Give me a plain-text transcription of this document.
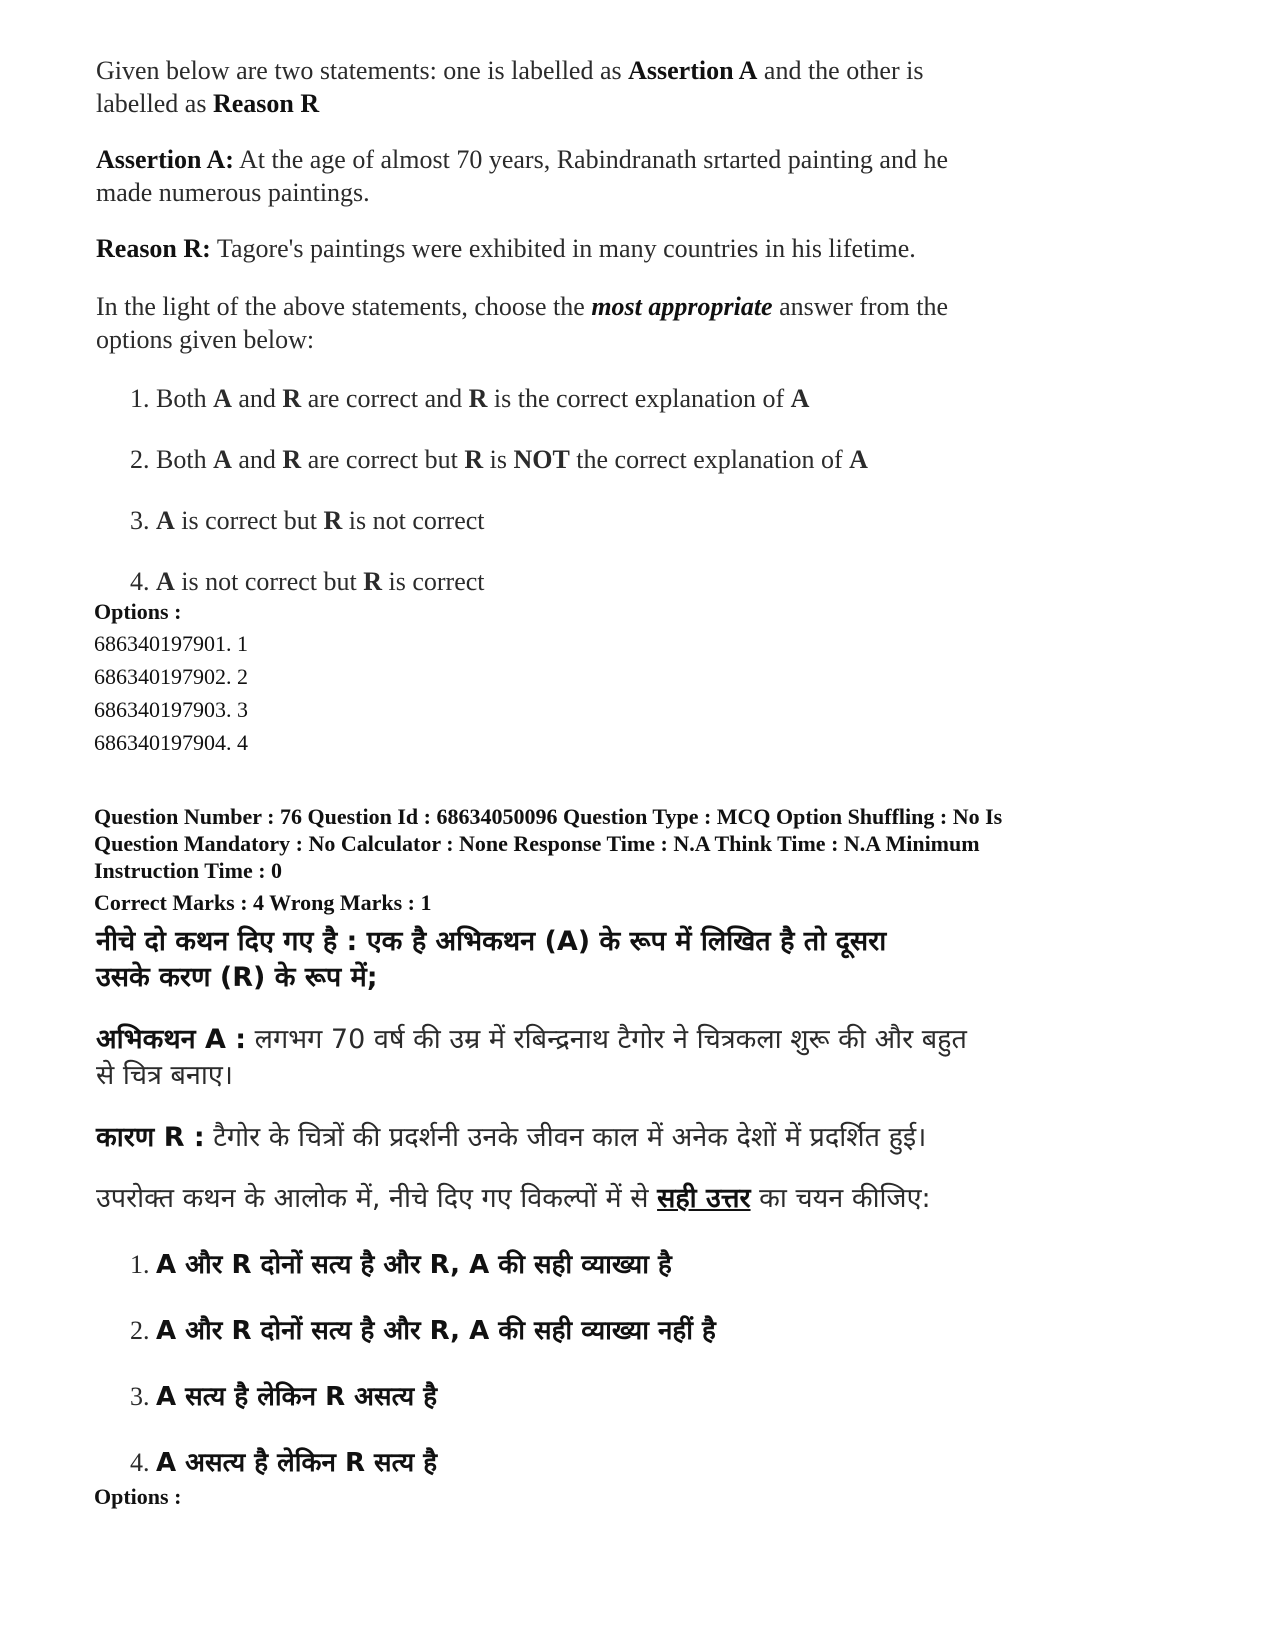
Given below are two statements: one is labelled as Assertion A and the other is
labelled as Reason R
Assertion A: At the age of almost 70 years, Rabindranath srtarted painting and he
made numerous paintings.
Reason R: Tagore's paintings were exhibited in many countries in his lifetime.
In the light of the above statements, choose the most appropriate answer from the
options given below:
1. Both A and R are correct and R is the correct explanation of A
2. Both A and R are correct but R is NOT the correct explanation of A
3. A is correct but R is not correct
4. A is not correct but R is correct
Options :
686340197901. 1
686340197902. 2
686340197903. 3
686340197904. 4
Question Number : 76 Question Id : 68634050096 Question Type : MCQ Option Shuffling : No Is
Question Mandatory : No Calculator : None Response Time : N.A Think Time : N.A Minimum
Instruction Time : 0
Correct Marks : 4 Wrong Marks : 1
नीचे दो कथन दिए गए है : एक है अभिकथन (A) के रूप में लिखित है तो दूसरा
उसके करण (R) के रूप में;
अभिकथन A : लगभग 70 वर्ष की उम्र में रबिन्द्रनाथ टैगोर ने चित्रकला शुरू की और बहुत
से चित्र बनाए।
कारण R : टैगोर के चित्रों की प्रदर्शनी उनके जीवन काल में अनेक देशों में प्रदर्शित हुई।
उपरोक्त कथन के आलोक में, नीचे दिए गए विकल्पों में से सही उत्तर का चयन कीजिए:
1. A और R दोनों सत्य है और R, A की सही व्याख्या है
2. A और R दोनों सत्य है और R, A की सही व्याख्या नहीं है
3. A सत्य है लेकिन R असत्य है
4. A असत्य है लेकिन R सत्य है
Options :
